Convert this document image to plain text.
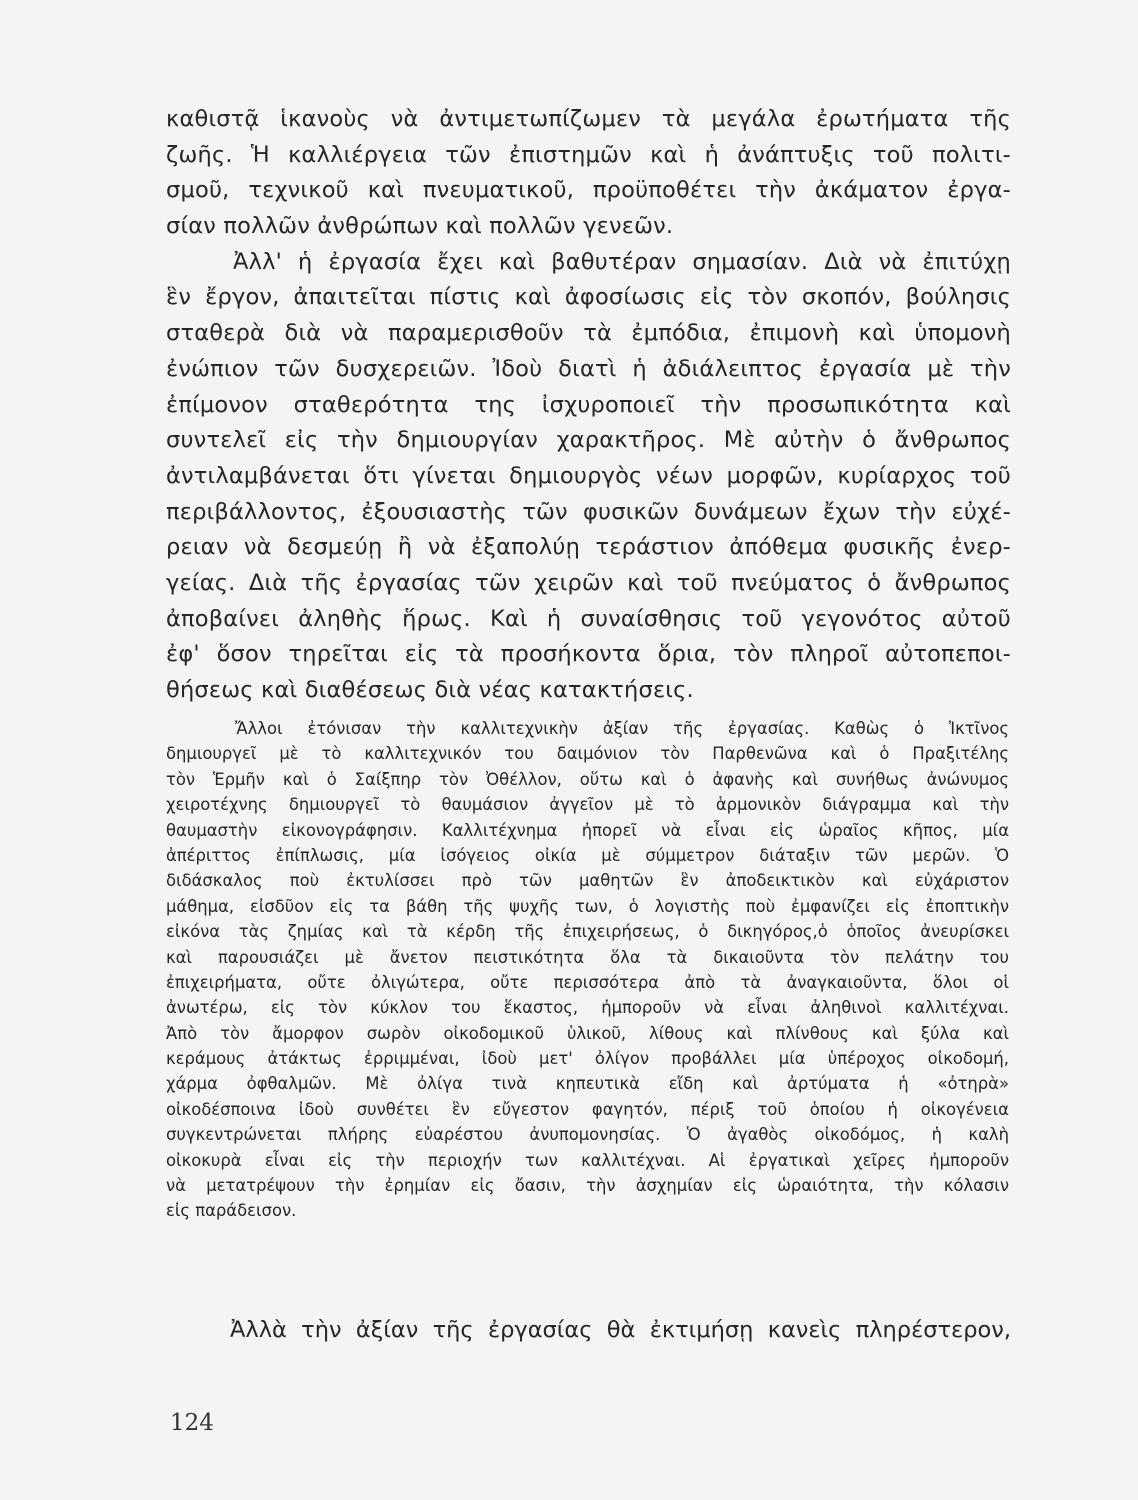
καθιστᾷ ἱκανοὺς νὰ ἀντιμετωπίζωμεν τὰ μεγάλα ἐρωτήματα τῆς
ζωῆς. Ἡ καλλιέργεια τῶν ἐπιστημῶν καὶ ἡ ἀνάπτυξις τοῦ πολιτι-
σμοῦ, τεχνικοῦ καὶ πνευματικοῦ, προϋποθέτει τὴν ἀκάματον ἐργα-
σίαν πολλῶν ἀνθρώπων καὶ πολλῶν γενεῶν.
Ἀλλ' ἡ ἐργασία ἔχει καὶ βαθυτέραν σημασίαν. Διὰ νὰ ἐπιτύχῃ
ἓν ἔργον, ἀπαιτεῖται πίστις καὶ ἀφοσίωσις εἰς τὸν σκοπόν, βούλησις
σταθερὰ διὰ νὰ παραμερισθοῦν τὰ ἐμπόδια, ἐπιμονὴ καὶ ὑπομονὴ
ἐνώπιον τῶν δυσχερειῶν. Ἰδοὺ διατὶ ἡ ἀδιάλειπτος ἐργασία μὲ τὴν
ἐπίμονον σταθερότητα της ἰσχυροποιεῖ τὴν προσωπικότητα καὶ
συντελεῖ εἰς τὴν δημιουργίαν χαρακτῆρος. Μὲ αὐτὴν ὁ ἄνθρωπος
ἀντιλαμβάνεται ὅτι γίνεται δημιουργὸς νέων μορφῶν, κυρίαρχος τοῦ
περιβάλλοντος, ἐξουσιαστὴς τῶν φυσικῶν δυνάμεων ἔχων τὴν εὐχέ-
ρειαν νὰ δεσμεύῃ ἢ νὰ ἐξαπολύῃ τεράστιον ἀπόθεμα φυσικῆς ἐνερ-
γείας. Διὰ τῆς ἐργασίας τῶν χειρῶν καὶ τοῦ πνεύματος ὁ ἄνθρωπος
ἀποβαίνει ἀληθὴς ἥρως. Καὶ ἡ συναίσθησις τοῦ γεγονότος αὐτοῦ
ἐφ' ὅσον τηρεῖται εἰς τὰ προσήκοντα ὅρια, τὸν πληροῖ αὐτοπεποι-
θήσεως καὶ διαθέσεως διὰ νέας κατακτήσεις.
Ἄλλοι ἐτόνισαν τὴν καλλιτεχνικὴν ἀξίαν τῆς ἐργασίας. Καθὼς ὁ Ἰκτῖνος
δημιουργεῖ μὲ τὸ καλλιτεχνικόν του δαιμόνιον τὸν Παρθενῶνα καὶ ὁ Πραξιτέλης
τὸν Ἑρμῆν καὶ ὁ Σαίξπηρ τὸν Ὀθέλλον, οὕτω καὶ ὁ ἀφανὴς καὶ συνήθως ἀνώνυμος
χειροτέχνης δημιουργεῖ τὸ θαυμάσιον ἀγγεῖον μὲ τὸ ἁρμονικὸν διάγραμμα καὶ τὴν
θαυμαστὴν εἰκονογράφησιν. Καλλιτέχνημα ἠπορεῖ νὰ εἶναι εἰς ὡραῖος κῆπος, μία
ἀπέριττος ἐπίπλωσις, μία ἰσόγειος οἰκία μὲ σύμμετρον διάταξιν τῶν μερῶν. Ὁ
διδάσκαλος ποὺ ἐκτυλίσσει πρὸ τῶν μαθητῶν ἓν ἀποδεικτικὸν καὶ εὐχάριστον
μάθημα, εἰσδῦον εἰς τα βάθη τῆς ψυχῆς των, ὁ λογιστὴς ποὺ ἐμφανίζει εἰς ἐποπτικὴν
εἰκόνα τὰς ζημίας καὶ τὰ κέρδη τῆς ἐπιχειρήσεως, ὁ δικηγόρος,ὁ ὁποῖος ἀνευρίσκει
καὶ παρουσιάζει μὲ ἄνετον πειστικότητα ὅλα τὰ δικαιοῦντα τὸν πελάτην του
ἐπιχειρήματα, οὔτε ὀλιγώτερα, οὔτε περισσότερα ἀπὸ τὰ ἀναγκαιοῦντα, ὅλοι οἱ
ἀνωτέρω, εἰς τὸν κύκλον του ἕκαστος, ἠμποροῦν νὰ εἶναι ἀληθινοὶ καλλιτέχναι.
Ἀπὸ τὸν ἄμορφον σωρὸν οἰκοδομικοῦ ὑλικοῦ, λίθους καὶ πλίνθους καὶ ξύλα καὶ
κεράμους ἀτάκτως ἐρριμμέναι, ἰδοὺ μετ' ὀλίγον προβάλλει μία ὑπέροχος οἰκοδομή,
χάρμα ὀφθαλμῶν. Μὲ ὀλίγα τινὰ κηπευτικὰ εἴδη καὶ ἀρτύματα ἡ «ὀτηρὰ»
οἰκοδέσποινα ἰδοὺ συνθέτει ἓν εὔγεστον φαγητόν, πέριξ τοῦ ὁποίου ἡ οἰκογένεια
συγκεντρώνεται πλήρης εὐαρέστου ἀνυπομονησίας. Ὁ ἀγαθὸς οἰκοδόμος, ἡ καλὴ
οἰκοκυρὰ εἶναι εἰς τὴν περιοχήν των καλλιτέχναι. Αἱ ἐργατικαὶ χεῖρες ἠμποροῦν
νὰ μετατρέψουν τὴν ἐρημίαν εἰς ὄασιν, τὴν ἀσχημίαν εἰς ὡραιότητα, τὴν κόλασιν
εἰς παράδεισον.
Ἀλλὰ τὴν ἀξίαν τῆς ἐργασίας θὰ ἐκτιμήσῃ κανεὶς πληρέστερον,
124
